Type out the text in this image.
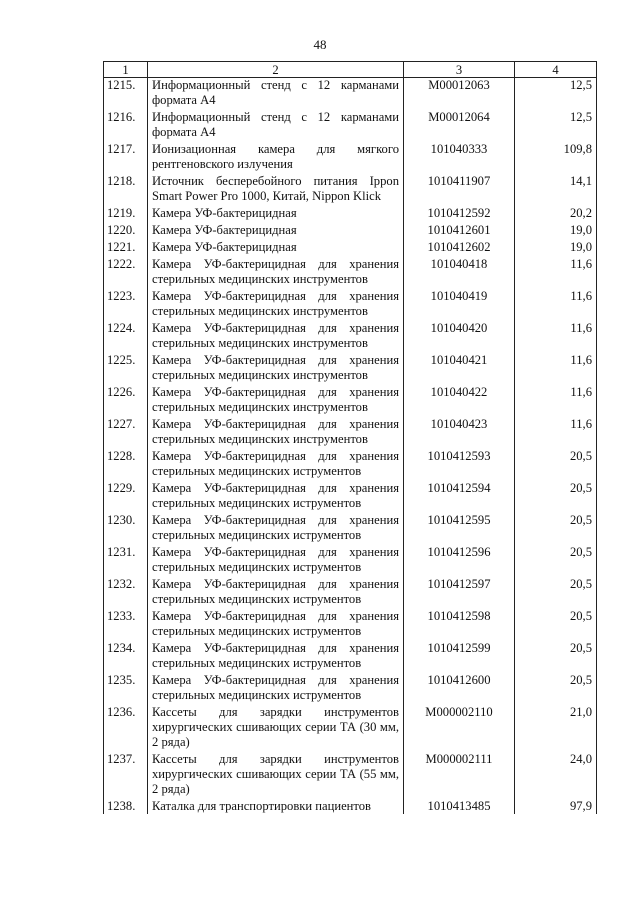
48
1	2	3	4
1215.	Информационный стенд с 12 карманами формата А4	М00012063	12,5
1216.	Информационный стенд с 12 карманами формата А4	М00012064	12,5
1217.	Ионизационная камера для мягкого рентгеновского излучения	101040333	109,8
1218.	Источник бесперебойного питания Ippon Smart Power Pro 1000, Китай, Nippon Klick	1010411907	14,1
1219.	Камера УФ-бактерицидная	1010412592	20,2
1220.	Камера УФ-бактерицидная	1010412601	19,0
1221.	Камера УФ-бактерицидная	1010412602	19,0
1222.	Камера УФ-бактерицидная для хранения стерильных медицинских инструментов	101040418	11,6
1223.	Камера УФ-бактерицидная для хранения стерильных медицинских инструментов	101040419	11,6
1224.	Камера УФ-бактерицидная для хранения стерильных медицинских инструментов	101040420	11,6
1225.	Камера УФ-бактерицидная для хранения стерильных медицинских инструментов	101040421	11,6
1226.	Камера УФ-бактерицидная для хранения стерильных медицинских инструментов	101040422	11,6
1227.	Камера УФ-бактерицидная для хранения стерильных медицинских инструментов	101040423	11,6
1228.	Камера УФ-бактерицидная для хранения стерильных медицинских иструментов	1010412593	20,5
1229.	Камера УФ-бактерицидная для хранения стерильных медицинских иструментов	1010412594	20,5
1230.	Камера УФ-бактерицидная для хранения стерильных медицинских иструментов	1010412595	20,5
1231.	Камера УФ-бактерицидная для хранения стерильных медицинских иструментов	1010412596	20,5
1232.	Камера УФ-бактерицидная для хранения стерильных медицинских иструментов	1010412597	20,5
1233.	Камера УФ-бактерицидная для хранения стерильных медицинских иструментов	1010412598	20,5
1234.	Камера УФ-бактерицидная для хранения стерильных медицинских иструментов	1010412599	20,5
1235.	Камера УФ-бактерицидная для хранения стерильных медицинских иструментов	1010412600	20,5
1236.	Кассеты для зарядки инструментов хирургических сшивающих серии ТА (30 мм, 2 ряда)	М000002110	21,0
1237.	Кассеты для зарядки инструментов хирургических сшивающих серии ТА (55 мм, 2 ряда)	М000002111	24,0
1238.	Каталка для транспортировки пациентов	1010413485	97,9
